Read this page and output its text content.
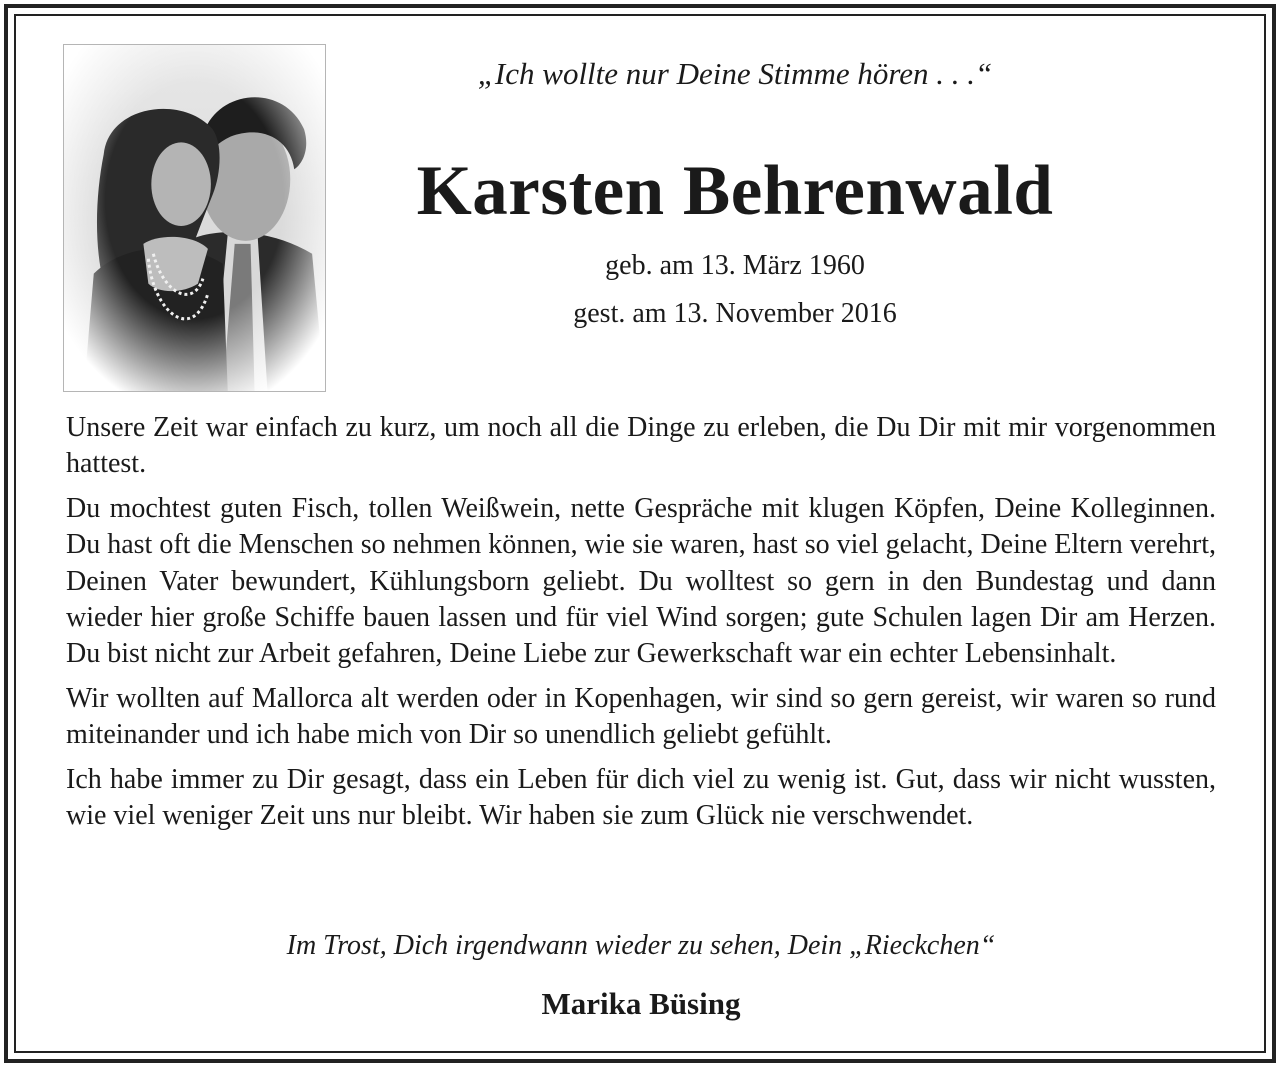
„Ich wollte nur Deine Stimme hören . . .“
Karsten Behrenwald
geb. am 13. März 1960
gest. am 13. November 2016

Unsere Zeit war einfach zu kurz, um noch all die Dinge zu erleben, die Du Dir mit mir vorgenommen hattest.

Du mochtest guten Fisch, tollen Weißwein, nette Gespräche mit klugen Köpfen, Deine Kolleginnen. Du hast oft die Menschen so nehmen können, wie sie waren, hast so viel gelacht, Deine Eltern verehrt, Deinen Vater bewundert, Kühlungsborn geliebt. Du wolltest so gern in den Bundestag und dann wieder hier große Schiffe bauen lassen und für viel Wind sorgen; gute Schulen lagen Dir am Herzen. Du bist nicht zur Arbeit gefahren, Deine Liebe zur Gewerkschaft war ein echter Lebensinhalt.

Wir wollten auf Mallorca alt werden oder in Kopenhagen, wir sind so gern gereist, wir waren so rund miteinander und ich habe mich von Dir so unendlich geliebt gefühlt.

Ich habe immer zu Dir gesagt, dass ein Leben für dich viel zu wenig ist. Gut, dass wir nicht wussten, wie viel weniger Zeit uns nur bleibt. Wir haben sie zum Glück nie verschwendet.

Im Trost, Dich irgendwann wieder zu sehen, Dein „Rieckchen“
Marika Büsing
